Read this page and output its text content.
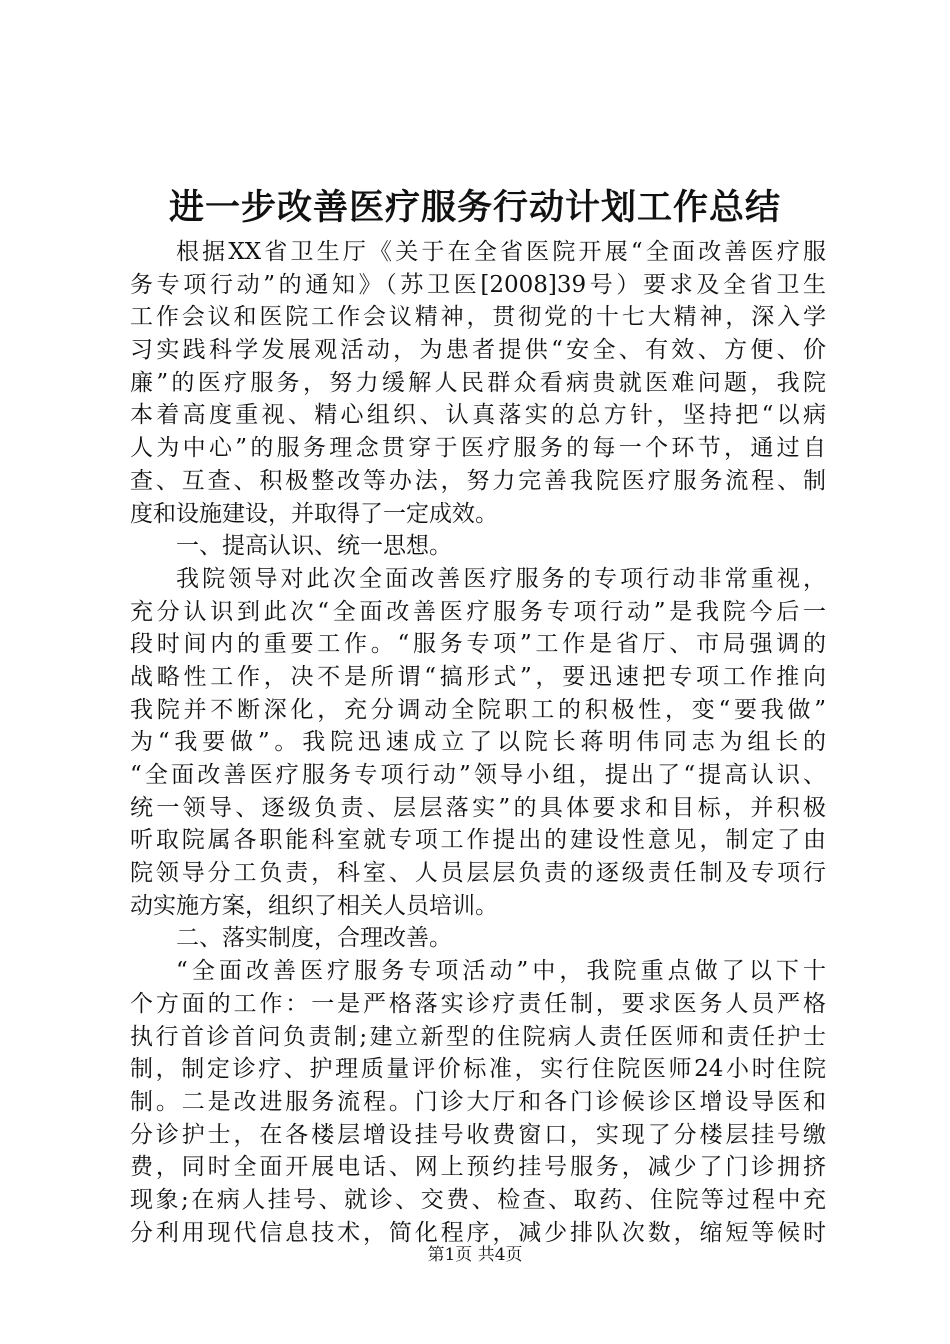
进一步改善医疗服务行动计划工作总结
根据XX省卫生厅《关于在全省医院开展“全面改善医疗服
务专项行动”的通知》（苏卫医[2008]39号）要求及全省卫生
工作会议和医院工作会议精神，贯彻党的十七大精神，深入学
习实践科学发展观活动，为患者提供“安全、有效、方便、价
廉”的医疗服务，努力缓解人民群众看病贵就医难问题，我院
本着高度重视、精心组织、认真落实的总方针，坚持把“以病
人为中心”的服务理念贯穿于医疗服务的每一个环节，通过自
查、互查、积极整改等办法，努力完善我院医疗服务流程、制
度和设施建设，并取得了一定成效。
一、提高认识、统一思想。
我院领导对此次全面改善医疗服务的专项行动非常重视，
充分认识到此次“全面改善医疗服务专项行动”是我院今后一
段时间内的重要工作。“服务专项”工作是省厅、市局强调的
战略性工作，决不是所谓“搞形式”，要迅速把专项工作推向
我院并不断深化，充分调动全院职工的积极性，变“要我做”
为“我要做”。我院迅速成立了以院长蒋明伟同志为组长的
“全面改善医疗服务专项行动”领导小组，提出了“提高认识、
统一领导、逐级负责、层层落实”的具体要求和目标，并积极
听取院属各职能科室就专项工作提出的建设性意见，制定了由
院领导分工负责，科室、人员层层负责的逐级责任制及专项行
动实施方案，组织了相关人员培训。
二、落实制度，合理改善。
“全面改善医疗服务专项活动”中，我院重点做了以下十
个方面的工作：一是严格落实诊疗责任制，要求医务人员严格
执行首诊首问负责制;建立新型的住院病人责任医师和责任护士
制，制定诊疗、护理质量评价标准，实行住院医师24小时住院
制。二是改进服务流程。门诊大厅和各门诊候诊区增设导医和
分诊护士，在各楼层增设挂号收费窗口，实现了分楼层挂号缴
费，同时全面开展电话、网上预约挂号服务，减少了门诊拥挤
现象;在病人挂号、就诊、交费、检查、取药、住院等过程中充
分利用现代信息技术，简化程序，减少排队次数，缩短等候时
第1页 共4页
